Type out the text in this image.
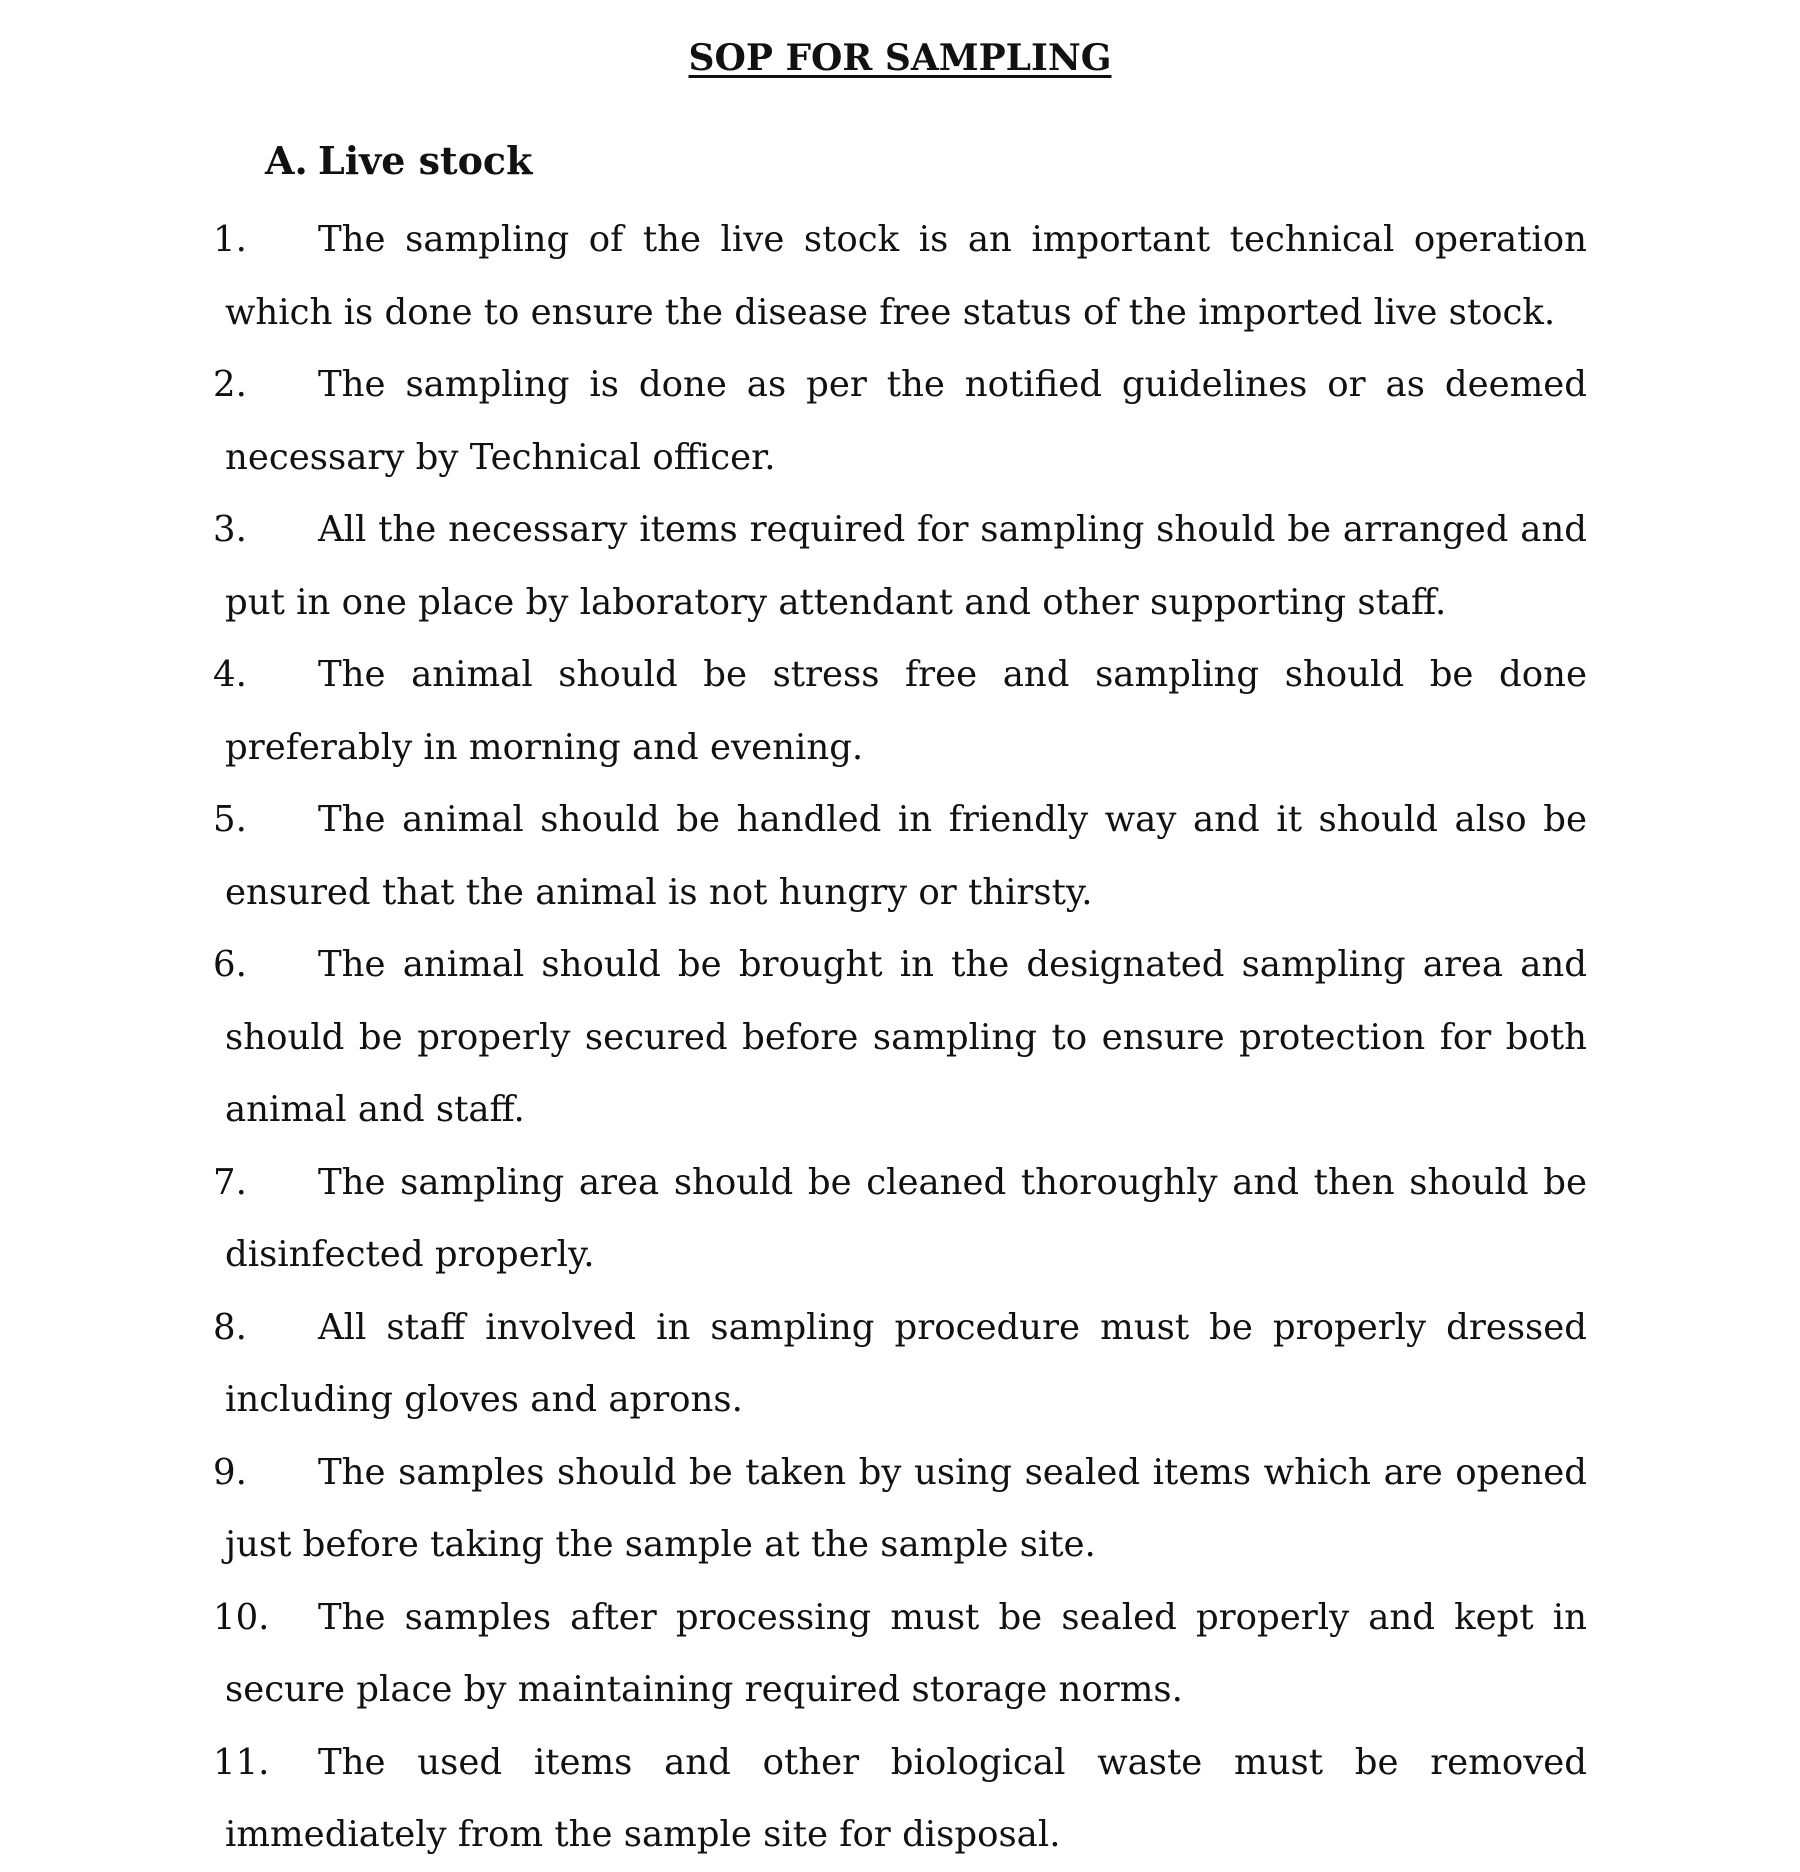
SOP FOR SAMPLING
A. Live stock
1. The sampling of the live stock is an important technical operation which is done to ensure the disease free status of the imported live stock.
2. The sampling is done as per the notified guidelines or as deemed necessary by Technical officer.
3. All the necessary items required for sampling should be arranged and put in one place by laboratory attendant and other supporting staff.
4. The animal should be stress free and sampling should be done preferably in morning and evening.
5. The animal should be handled in friendly way and it should also be ensured that the animal is not hungry or thirsty.
6. The animal should be brought in the designated sampling area and should be properly secured before sampling to ensure protection for both animal and staff.
7. The sampling area should be cleaned thoroughly and then should be disinfected properly.
8. All staff involved in sampling procedure must be properly dressed including gloves and aprons.
9. The samples should be taken by using sealed items which are opened just before taking the sample at the sample site.
10. The samples after processing must be sealed properly and kept in secure place by maintaining required storage norms.
11. The used items and other biological waste must be removed immediately from the sample site for disposal.
